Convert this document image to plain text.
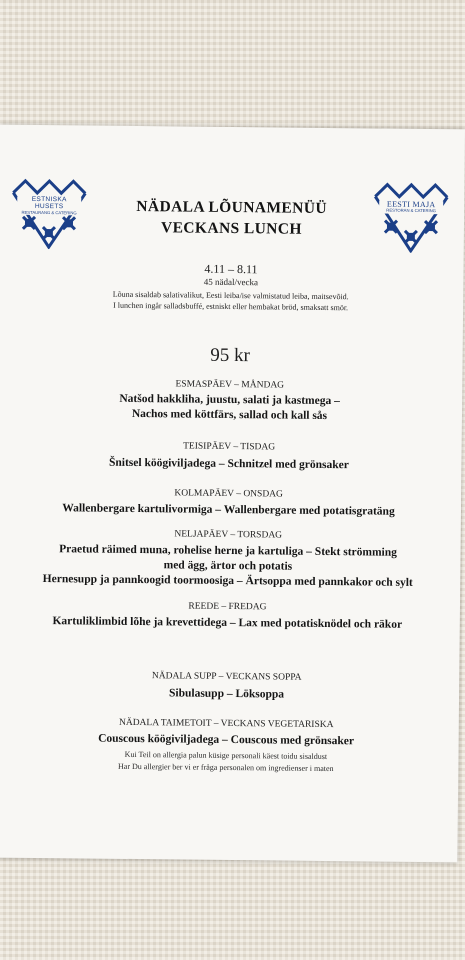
ESTNISKA HUSETS
RESTAURANG & CATERING
EESTI MAJA
RESTORAN & CATERING

NÄDALA LÕUNAMENÜÜ

VECKANS LUNCH

4.11 – 8.11
45 nädal/vecka
Lõuna sisaldab salativalikut, Eesti leiba/ise valmistatud leiba, maitsevõid.
I lunchen ingår salladsbuffé, estniskt eller hembakat bröd, smaksatt smör.
95 kr
ESMASPÄEV – MÅNDAG
Natšod hakkliha, juustu, salati ja kastmega –
Nachos med köttfärs, sallad och kall sås
TEISIPÄEV – TISDAG
Šnitsel köögiviljadega – Schnitzel med grönsaker
KOLMAPÄEV – ONSDAG
Wallenbergare kartulivormiga – Wallenbergare med potatisgratäng
NELJAPÄEV – TORSDAG
Praetud räimed muna, rohelise herne ja kartuliga – Stekt strömming
med ägg, ärtor och potatis
Hernesupp ja pannkoogid toormoosiga – Ärtsoppa med pannkakor och sylt
REEDE – FREDAG
Kartuliklimbid lõhe ja krevettidega – Lax med potatisknödel och räkor
NÄDALA SUPP – VECKANS SOPPA
Sibulasupp – Löksoppa
NÄDALA TAIMETOIT – VECKANS VEGETARISKA
Couscous köögiviljadega – Couscous med grönsaker
Kui Teil on allergia palun küsige personali käest toidu sisaldust
Har Du allergier ber vi er fråga personalen om ingredienser i maten
